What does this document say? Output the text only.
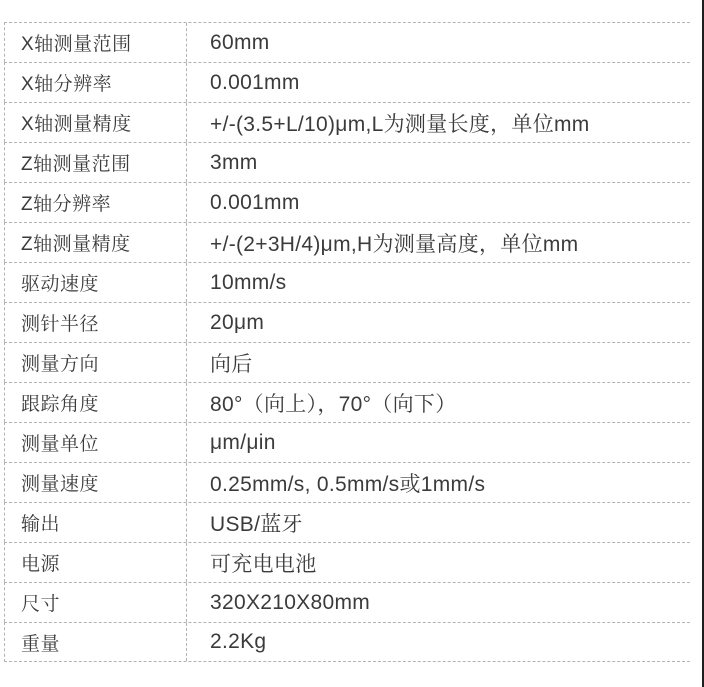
X轴测量范围	60mm
X轴分辨率	0.001mm
X轴测量精度	+/-(3.5+L/10)μm,L为测量长度，单位mm
Z轴测量范围	3mm
Z轴分辨率	0.001mm
Z轴测量精度	+/-(2+3H/4)μm,H为测量高度，单位mm
驱动速度	10mm/s
测针半径	20μm
测量方向	向后
跟踪角度	80°（向上），70°（向下）
测量单位	μm/μin
测量速度	0.25mm/s, 0.5mm/s或1mm/s
输出	USB/蓝牙
电源	可充电电池
尺寸	320X210X80mm
重量	2.2Kg
